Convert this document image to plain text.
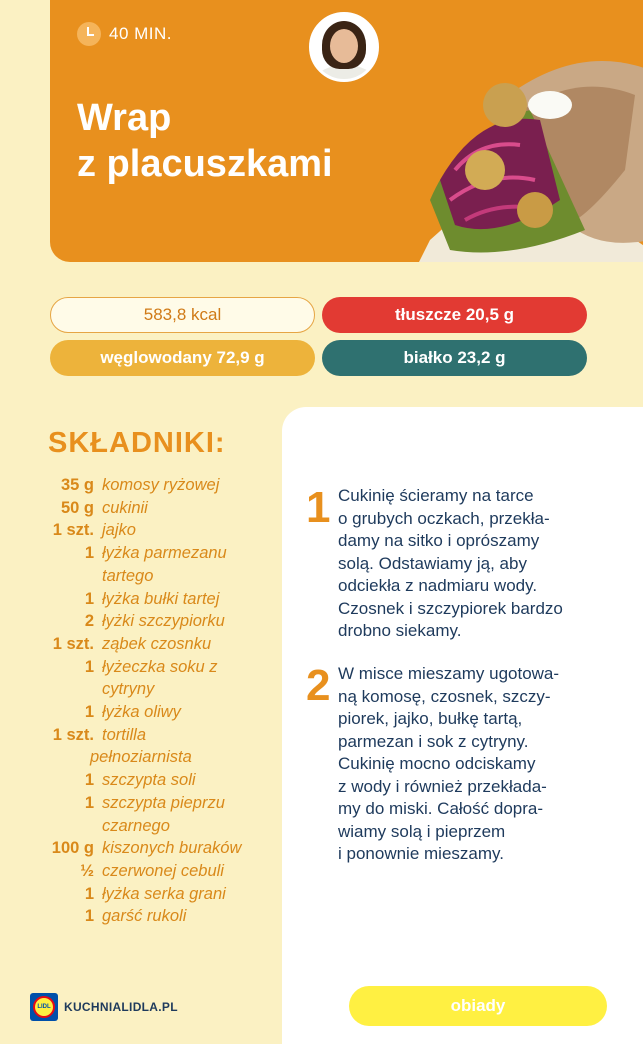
40 MIN.
Wrap
z placuszkami
583,8 kcal	tłuszcze 20,5 g
węglowodany 72,9 g	białko 23,2 g
SKŁADNIKI:
35 g komosy ryżowej
50 g cukinii
1 szt. jajko
1 łyżka parmezanu
tartego
1 łyżka bułki tartej
2 łyżki szczypiorku
1 szt. ząbek czosnku
1 łyżeczka soku z
cytryny
1 łyżka oliwy
1 szt. tortilla
pełnoziarnista
1 szczypta soli
1 szczypta pieprzu
czarnego
100 g kiszonych buraków
½ czerwonej cebuli
1 łyżka serka grani
1 garść rukoli
1 Cukinię ścieramy na tarce
o grubych oczkach, przekła-
damy na sitko i oprószamy
solą. Odstawiamy ją, aby
odciekła z nadmiaru wody.
Czosnek i szczypiorek bardzo
drobno siekamy.
2 W misce mieszamy ugotowa-
ną komosę, czosnek, szczy-
piorek, jajko, bułkę tartą,
parmezan i sok z cytryny.
Cukinię mocno odciskamy
z wody i również przekłada-
my do miski. Całość dopra-
wiamy solą i pieprzem
i ponownie mieszamy.
LIDL	KUCHNIALIDLA.PL	obiady
